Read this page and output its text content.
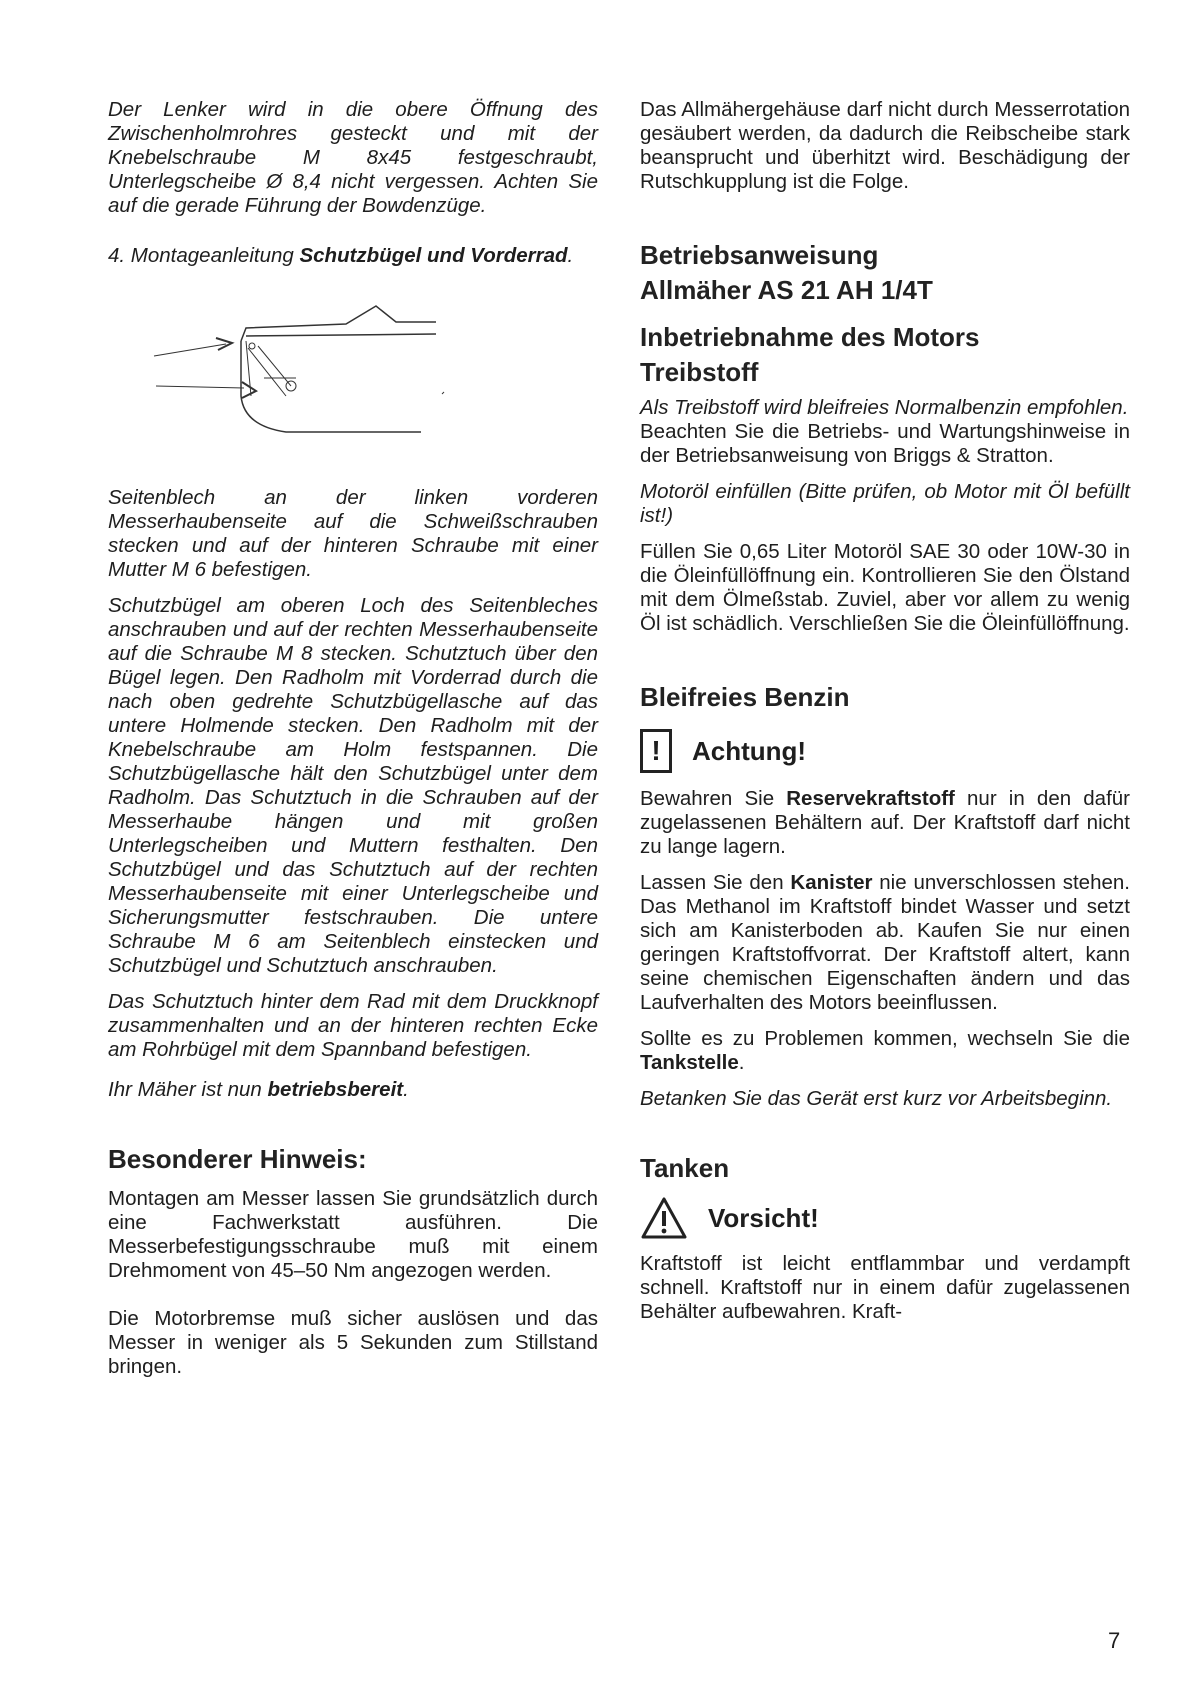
Der Lenker wird in die obere Öffnung des Zwischenholmrohres gesteckt und mit der Knebelschraube M 8x45 festgeschraubt, Unterlegscheibe Ø 8,4 nicht vergessen. Achten Sie auf die gerade Führung der Bowdenzüge.

4. Montageanleitung Schutzbügel und Vorderrad.

Seitenblech an der linken vorderen Messerhaubenseite auf die Schweißschrauben stecken und auf der hinteren Schraube mit einer Mutter M 6 befestigen.

Schutzbügel am oberen Loch des Seitenbleches anschrauben und auf der rechten Messerhaubenseite auf die Schraube M 8 stecken. Schutztuch über den Bügel legen. Den Radholm mit Vorderrad durch die nach oben gedrehte Schutzbügellasche auf das untere Holmende stecken. Den Radholm mit der Knebelschraube am Holm festspannen. Die Schutzbügellasche hält den Schutzbügel unter dem Radholm. Das Schutztuch in die Schrauben auf der Messerhaube hängen und mit großen Unterlegscheiben und Muttern festhalten. Den Schutzbügel und das Schutztuch auf der rechten Messerhaubenseite mit einer Unterlegscheibe und Sicherungsmutter festschrauben. Die untere Schraube M 6 am Seitenblech einstecken und Schutzbügel und Schutztuch anschrauben.

Das Schutztuch hinter dem Rad mit dem Druckknopf zusammenhalten und an der hinteren rechten Ecke am Rohrbügel mit dem Spannband befestigen.

Ihr Mäher ist nun betriebsbereit.

Besonderer Hinweis:

Montagen am Messer lassen Sie grundsätzlich durch eine Fachwerkstatt ausführen. Die Messerbefestigungsschraube muß mit einem Drehmoment von 45–50 Nm angezogen werden.

Die Motorbremse muß sicher auslösen und das Messer in weniger als 5 Sekunden zum Stillstand bringen.

Das Allmähergehäuse darf nicht durch Messerrotation gesäubert werden, da dadurch die Reibscheibe stark beansprucht und überhitzt wird. Beschädigung der Rutschkupplung ist die Folge.

Betriebsanweisung
Allmäher AS 21 AH 1/4T
Inbetriebnahme des Motors
Treibstoff

Als Treibstoff wird bleifreies Normalbenzin empfohlen.

Beachten Sie die Betriebs- und Wartungshinweise in der Betriebsanweisung von Briggs & Stratton.

Motoröl einfüllen (Bitte prüfen, ob Motor mit Öl befüllt ist!)

Füllen Sie 0,65 Liter Motoröl SAE 30 oder 10W-30 in die Öleinfüllöffnung ein. Kontrollieren Sie den Ölstand mit dem Ölmeßstab. Zuviel, aber vor allem zu wenig Öl ist schädlich. Verschließen Sie die Öleinfüllöffnung.

Bleifreies Benzin
!	Achtung!

Bewahren Sie Reservekraftstoff nur in den dafür zugelassenen Behältern auf. Der Kraftstoff darf nicht zu lange lagern.

Lassen Sie den Kanister nie unverschlossen stehen. Das Methanol im Kraftstoff bindet Wasser und setzt sich am Kanisterboden ab. Kaufen Sie nur einen geringen Kraftstoffvorrat. Der Kraftstoff altert, kann seine chemischen Eigenschaften ändern und das Laufverhalten des Motors beeinflussen.

Sollte es zu Problemen kommen, wechseln Sie die Tankstelle.

Betanken Sie das Gerät erst kurz vor Arbeitsbeginn.

Tanken
Vorsicht!

Kraftstoff ist leicht entflammbar und verdampft schnell. Kraftstoff nur in einem dafür zugelassenen Behälter aufbewahren. Kraft-

7
